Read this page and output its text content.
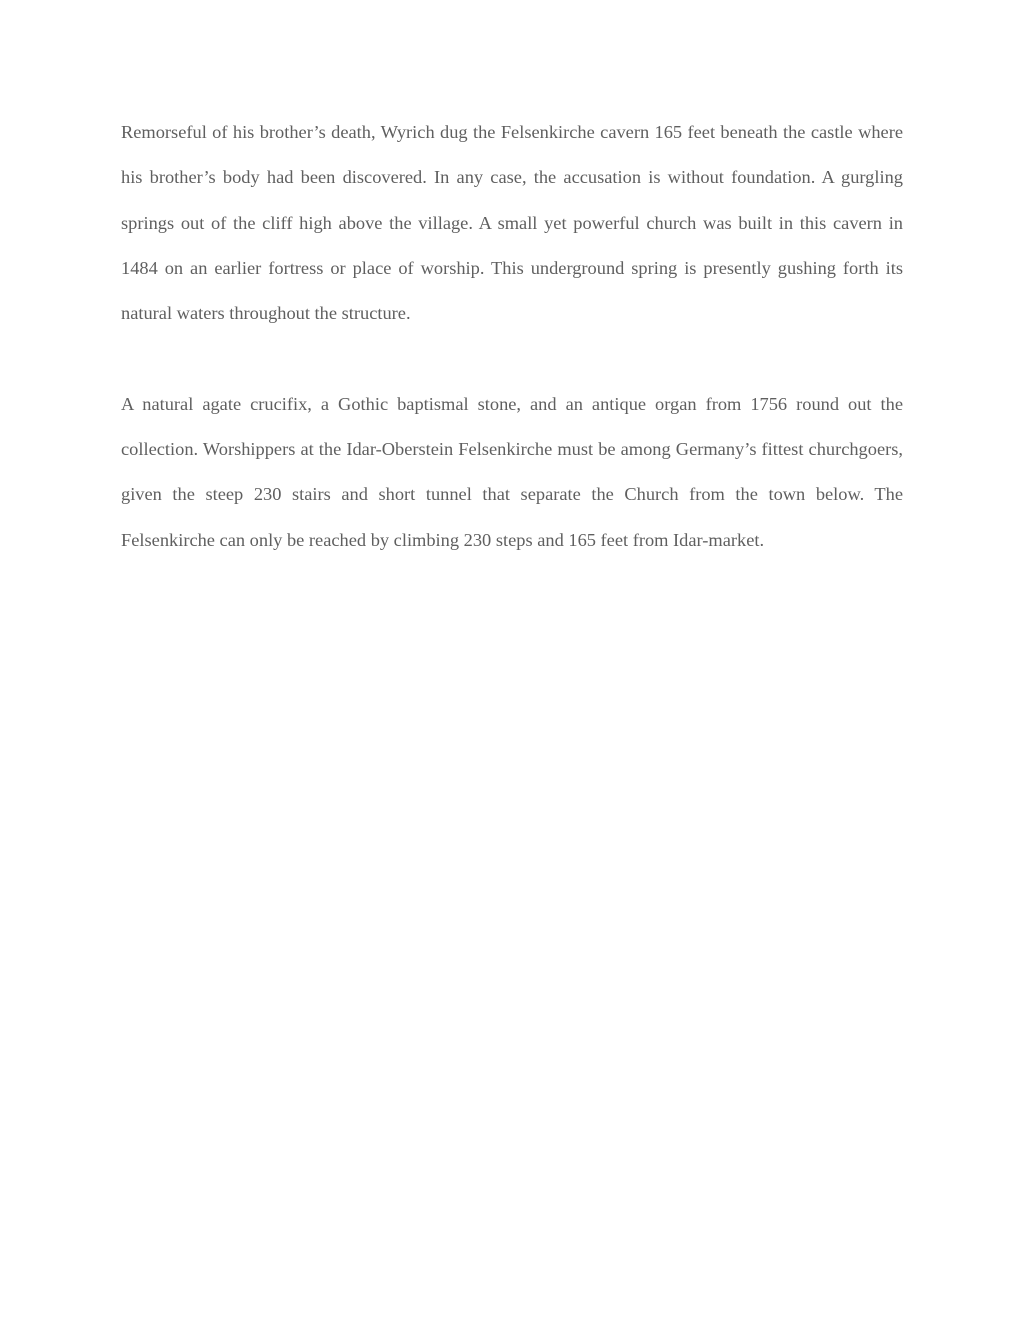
Remorseful of his brother’s death, Wyrich dug the Felsenkirche cavern 165 feet beneath the castle where his brother’s body had been discovered. In any case, the accusation is without foundation. A gurgling springs out of the cliff high above the village. A small yet powerful church was built in this cavern in 1484 on an earlier fortress or place of worship. This underground spring is presently gushing forth its natural waters throughout the structure.

A natural agate crucifix, a Gothic baptismal stone, and an antique organ from 1756 round out the collection. Worshippers at the Idar-Oberstein Felsenkirche must be among Germany’s fittest churchgoers, given the steep 230 stairs and short tunnel that separate the Church from the town below. The Felsenkirche can only be reached by climbing 230 steps and 165 feet from Idar-market.
